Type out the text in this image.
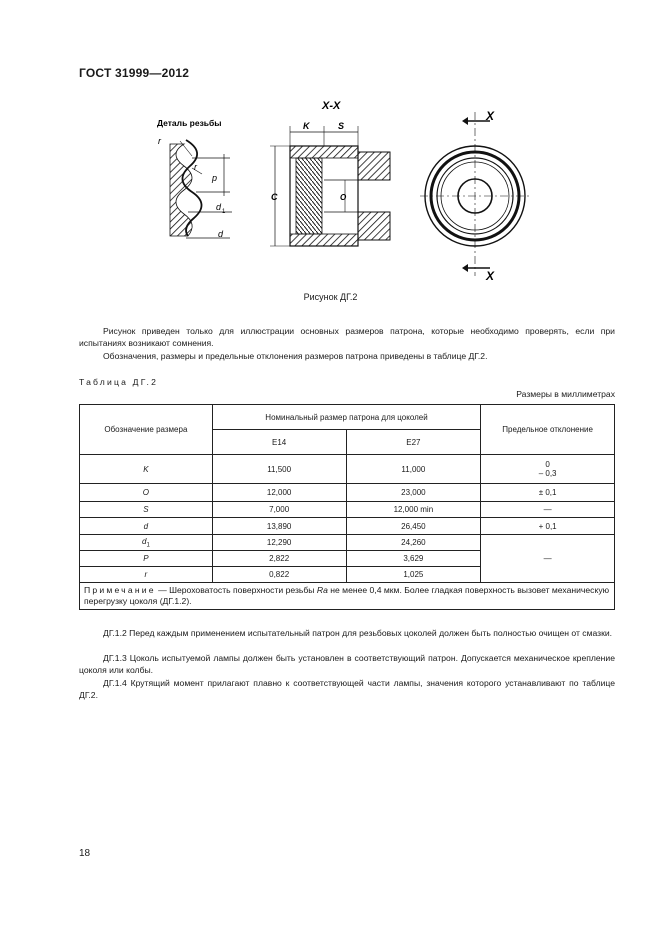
ГОСТ 31999—2012
Деталь резьбы
r
r
p
d 1
d
X-X
K	S
C	O
X
X
Рисунок ДГ.2
Рисунок приведен только для иллюстрации основных размеров патрона, которые необходимо проверять, если при испытаниях возникают сомнения.
Обозначения, размеры и предельные отклонения размеров патрона приведены в таблице ДГ.2.
Таблица ДГ.2
Размеры в миллиметрах
Обозначение размера	Номинальный размер патрона для цоколей		Предельное отклонение
	E14	E27	
K	11,500	11,000	0
– 0,3

O	12,000	23,000	± 0,1
S	7,000	12,000 min	—
d	13,890	26,450	+ 0,1
$d_1$	12,290	24,260	—
P	2,822	3,629	
r	0,822	1,025	
Примечание — Шероховатость поверхности резьбы Ra не менее 0,4 мкм. Более гладкая поверхность вызовет механическую перегрузку цоколя (ДГ.1.2).			
ДГ.1.2 Перед каждым применением испытательный патрон для резьбовых цоколей должен быть полностью очищен от смазки.
ДГ.1.3 Цоколь испытуемой лампы должен быть установлен в соответствующий патрон. Допускается механическое крепление цоколя или колбы.
ДГ.1.4 Крутящий момент прилагают плавно к соответствующей части лампы, значения которого устанавливают по таблице ДГ.2.
18
